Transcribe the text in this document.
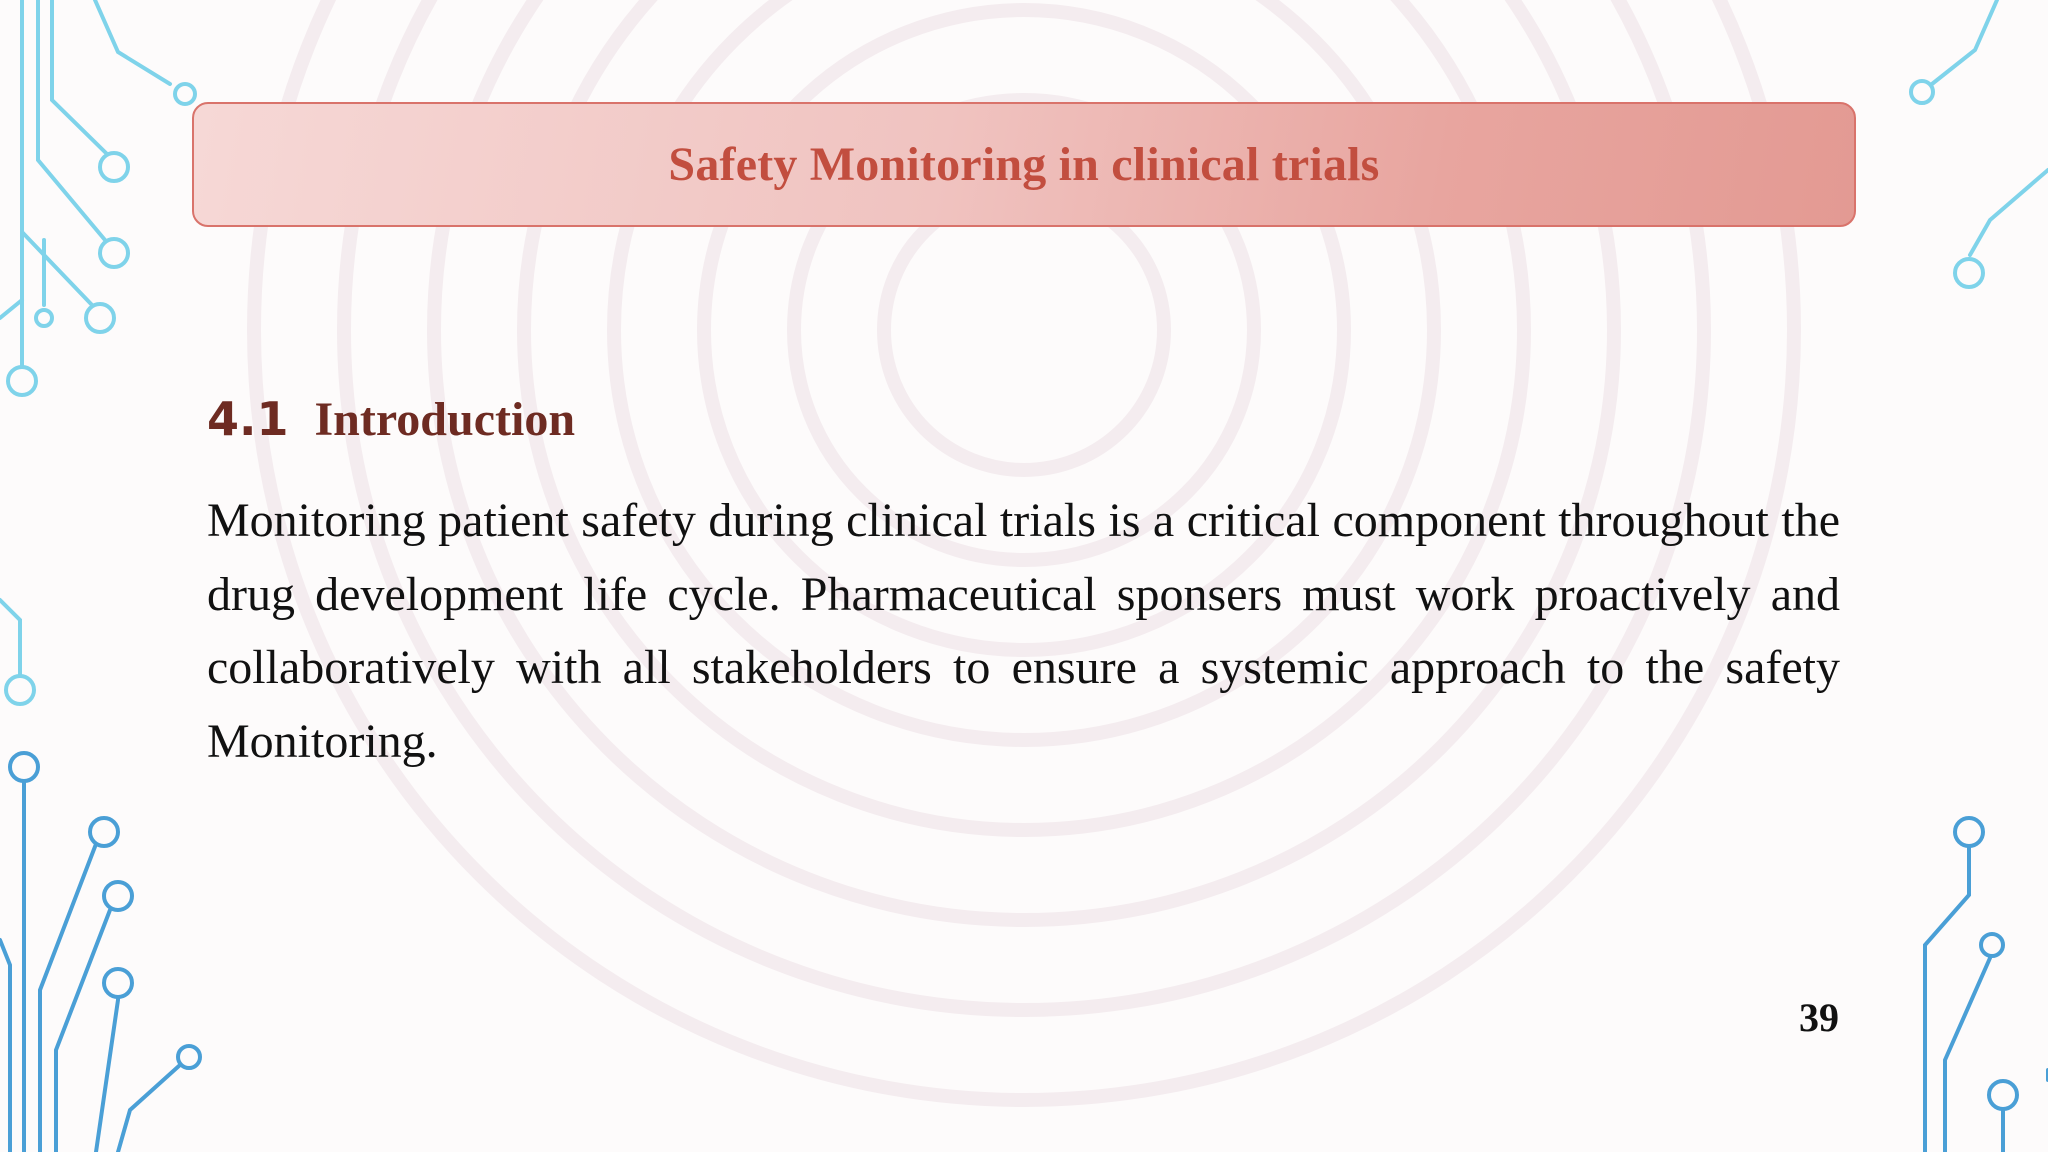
Safety Monitoring in clinical trials
4.1 Introduction

Monitoring patient safety during clinical trials is a critical component throughout the drug development life cycle. Pharmaceutical sponsers must work proactively and collaboratively with all stakeholders to ensure a systemic approach to the safety Monitoring.

39
